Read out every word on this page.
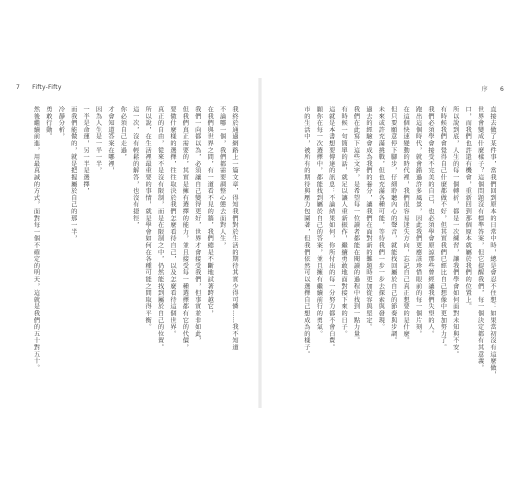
7 Fifty-Fifty
我終於通過網路上一篇文章，得知我們對於生活的期待其實少得可憐……我不知道
不論哪一個，我們都需要調整心態去面對人生，
在我們與世界之間，有一道看不見的牆，我們總是不斷地試著跨越它，
我們一向都以為，必須讓自己變得更好，世界才會接受我們，但事實並非如此，
但我們真正需要的，其實是擁有選擇的能力，並且接受每一種選擇都有它的代價，
要做什麼樣的選擇，往往取決於我們怎麼看待自己，以及怎麼看待這個世界。
真正的自由，從來不是沒有限制，而是在限制之中，仍然能找到屬於自己的位置。
所以說，在生活裡最重要的事情，就是學會如何在各種可能之間取得平衡。
這一次，沒有輕鬆的解答，也沒有捷徑，
你必須自己走過，
才會知道答案在哪裡，
因為人生是一半一半，
一半是命運，另一半是選擇，
而我們能做的，就是把握屬於自己的那一半，
冷靜分析，
勇敢行動。
然後繼續前進，用最真誠的方式，面對每一個不確定的明天，這就是我們的五十對五十。
序 6
直接去做了某件事，當我們回到原本的日常中時，總是會忍不住想：如果當初沒有這麼做，
世界會變成什麼樣子？這個問題沒有標準答案，但它提醒我們，每一個決定都有其意義。
口，而我們也許還有機會，重新回到那個原本就屬於我們的位置上。
所以說到底，人生的每一個轉折，都是一次練習，讓我們學會如何面對未知與不安。
有時候我們會覺得自己什麼都做不好，但其實我們已經比自己想像中更加努力了。
我們必須學會接受不完美的自己，也必須學會原諒那些曾經讓我們失望的人。
跑出這個時代，就會錯過許多風景，因此我們更應該珍惜眼前的每一個片刻。
在這個快速變動的時代裡，我們很容易迷失方向，忘記自己真正想要的是什麼。
但只要願意停下腳步，仔細聆聽內心的聲音，就能找回屬於自己的節奏與步調。
未來或許充滿挑戰，但也充滿各種可能，等待我們一步一步去探索與發現。
過去的經驗會成為我們的養分，讓我們在面對新的難題時更加從容與堅定。
我們在此寫下這些文字，是希望每一位讀者都能在閱讀的過程中找到一點力量。
有時候一句簡單的話，就足以讓人重新振作，繼續勇敢地面對接下來的日子。
這就是本書想要傳達的訊息：不論結果如何，你所付出的每一分努力都不會白費。
願你在每一次選擇中，都能找到屬於自己的答案，並且擁有繼續前行的勇氣。
市的生活中，被所有的期待與壓力包圍著，但我們依然可以選擇自己想成為的樣子。
